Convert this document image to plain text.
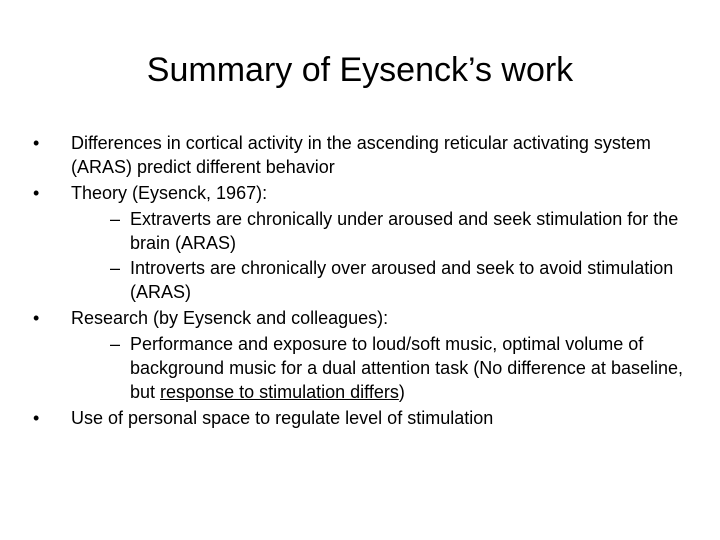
Summary of Eysenck’s work
• Differences in cortical activity in the ascending reticular activating system (ARAS) predict different behavior
• Theory (Eysenck, 1967):
– Extraverts are chronically under aroused and seek stimulation for the brain (ARAS)
– Introverts are chronically over aroused and seek to avoid stimulation (ARAS)
• Research (by Eysenck and colleagues):
– Performance and exposure to loud/soft music, optimal volume of background music for a dual attention task (No difference at baseline, but response to stimulation differs)
• Use of personal space to regulate level of stimulation
